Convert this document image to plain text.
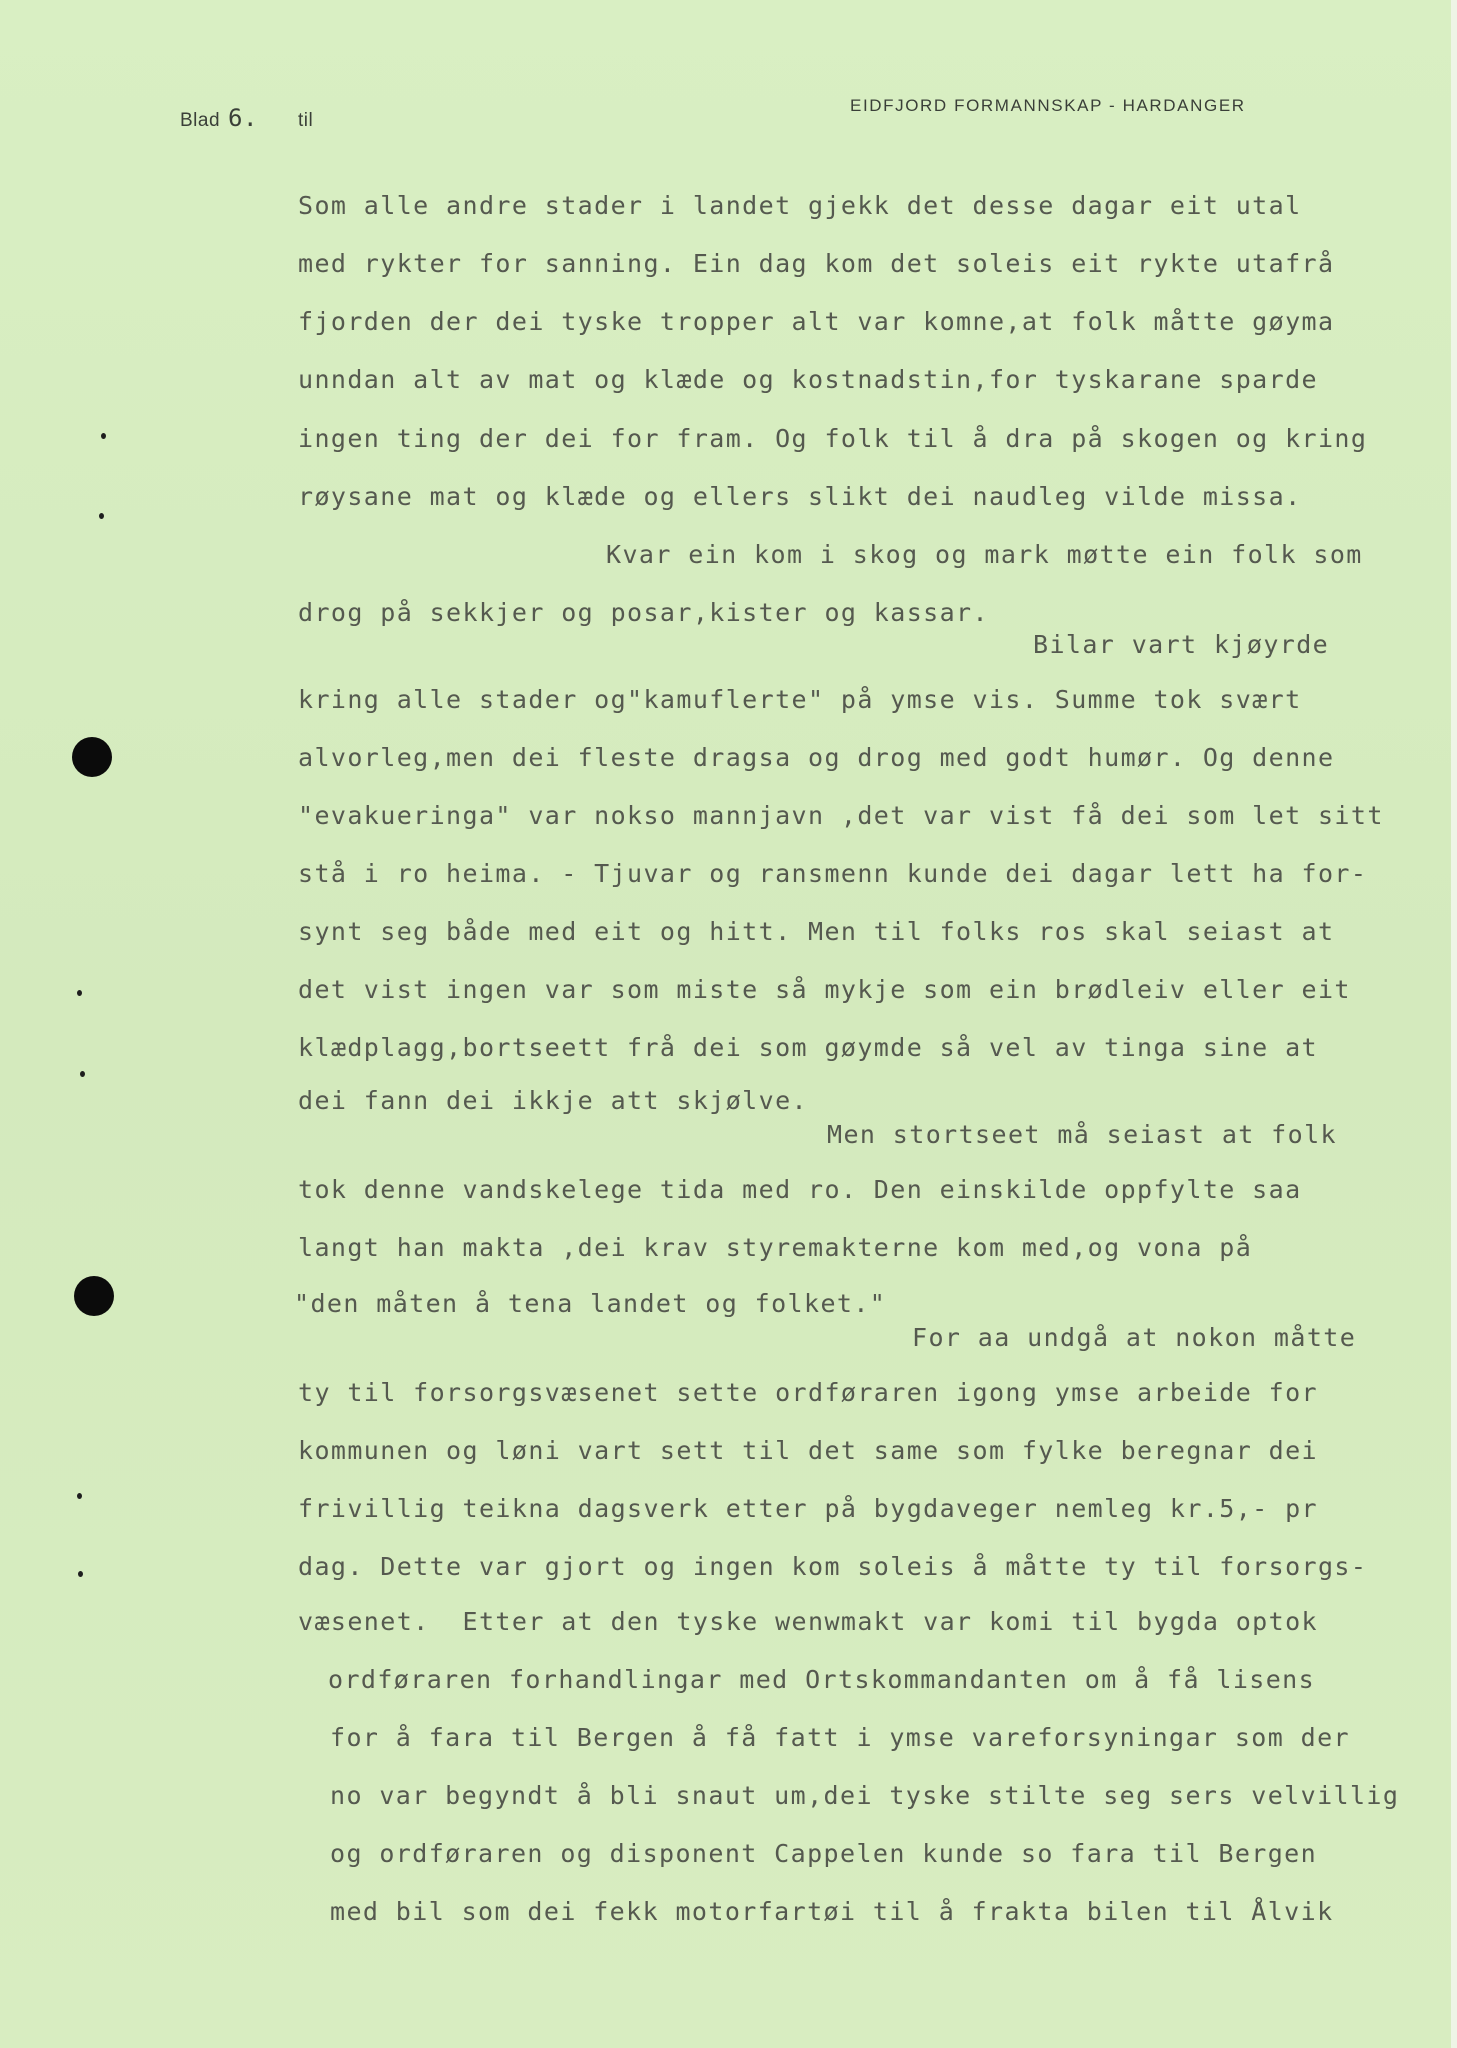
Blad 6. til
EIDFJORD FORMANNSKAP - HARDANGER
Som alle andre stader i landet gjekk det desse dagar eit utal
med rykter for sanning. Ein dag kom det soleis eit rykte utafrå
fjorden der dei tyske tropper alt var komne,at folk måtte gøyma
unndan alt av mat og klæde og kostnadstin,for tyskarane sparde
ingen ting der dei for fram. Og folk til å dra på skogen og kring
røysane mat og klæde og ellers slikt dei naudleg vilde missa.
Kvar ein kom i skog og mark møtte ein folk som
drog på sekkjer og posar,kister og kassar.
Bilar vart kjøyrde
kring alle stader og"kamuflerte" på ymse vis. Summe tok svært
alvorleg,men dei fleste dragsa og drog med godt humør. Og denne
"evakueringa" var nokso mannjavn ,det var vist få dei som let sitt
stå i ro heima. - Tjuvar og ransmenn kunde dei dagar lett ha for-
synt seg både med eit og hitt. Men til folks ros skal seiast at
det vist ingen var som miste så mykje som ein brødleiv eller eit
klædplagg,bortseett frå dei som gøymde så vel av tinga sine at
dei fann dei ikkje att skjølve.
Men stortseet må seiast at folk
tok denne vandskelege tida med ro. Den einskilde oppfylte saa
langt han makta ,dei krav styremakterne kom med,og vona på
"den måten å tena landet og folket."
For aa undgå at nokon måtte
ty til forsorgsvæsenet sette ordføraren igong ymse arbeide for
kommunen og løni vart sett til det same som fylke beregnar dei
frivillig teikna dagsverk etter på bygdaveger nemleg kr.5,- pr
dag. Dette var gjort og ingen kom soleis å måtte ty til forsorgs-
væsenet.  Etter at den tyske wenwmakt var komi til bygda optok
ordføraren forhandlingar med Ortskommandanten om å få lisens
for å fara til Bergen å få fatt i ymse vareforsyningar som der
no var begyndt å bli snaut um,dei tyske stilte seg sers velvillig
og ordføraren og disponent Cappelen kunde so fara til Bergen
med bil som dei fekk motorfartøi til å frakta bilen til Ålvik
